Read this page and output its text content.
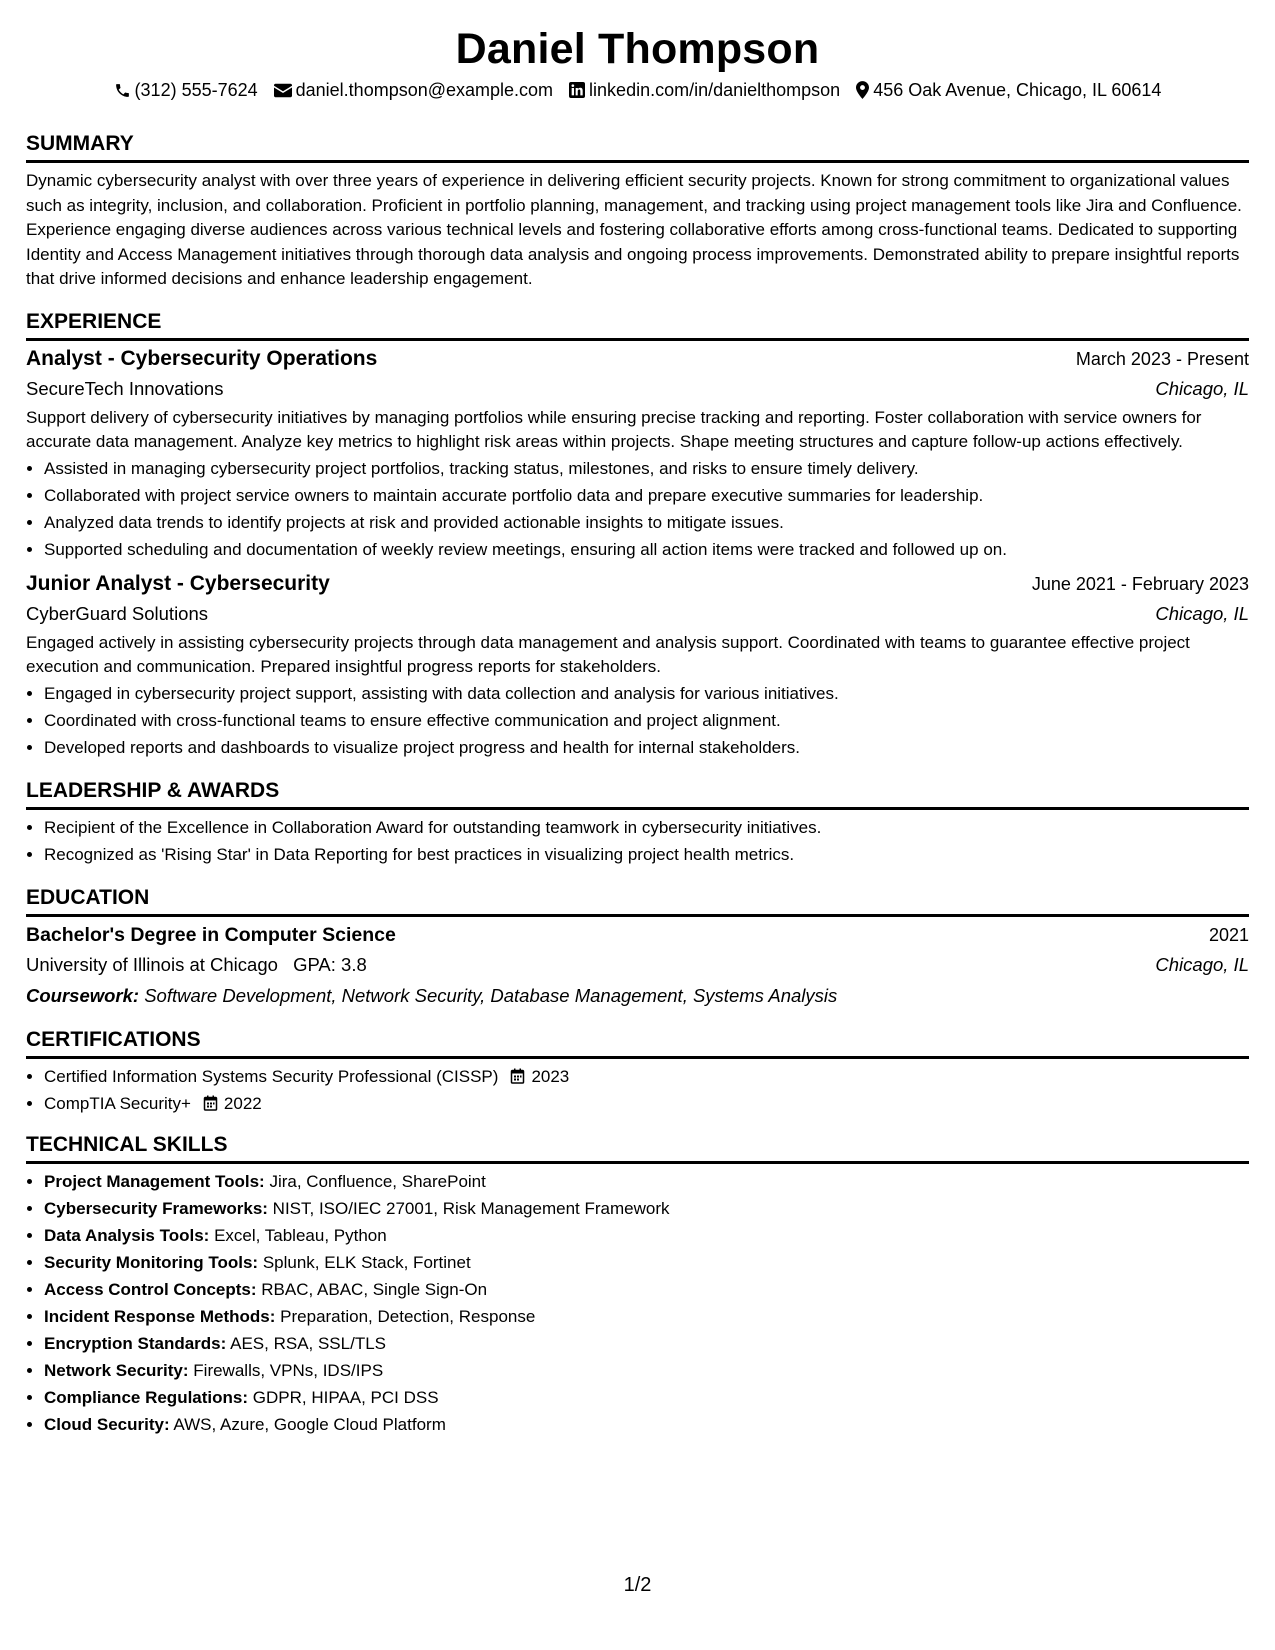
Daniel Thompson
(312) 555-7624 daniel.thompson@example.com linkedin.com/in/danielthompson 456 Oak Avenue, Chicago, IL 60614
SUMMARY

Dynamic cybersecurity analyst with over three years of experience in delivering efficient security projects. Known for strong commitment to organizational values such as integrity, inclusion, and collaboration. Proficient in portfolio planning, management, and tracking using project management tools like Jira and Confluence. Experience engaging diverse audiences across various technical levels and fostering collaborative efforts among cross-functional teams. Dedicated to supporting Identity and Access Management initiatives through thorough data analysis and ongoing process improvements. Demonstrated ability to prepare insightful reports that drive informed decisions and enhance leadership engagement.

EXPERIENCE
Analyst - Cybersecurity Operations	March 2023 - Present
SecureTech Innovations	Chicago, IL

Support delivery of cybersecurity initiatives by managing portfolios while ensuring precise tracking and reporting. Foster collaboration with service owners for accurate data management. Analyze key metrics to highlight risk areas within projects. Shape meeting structures and capture follow-up actions effectively.

• Assisted in managing cybersecurity project portfolios, tracking status, milestones, and risks to ensure timely delivery.
• Collaborated with project service owners to maintain accurate portfolio data and prepare executive summaries for leadership.
• Analyzed data trends to identify projects at risk and provided actionable insights to mitigate issues.
• Supported scheduling and documentation of weekly review meetings, ensuring all action items were tracked and followed up on.
Junior Analyst - Cybersecurity	June 2021 - February 2023
CyberGuard Solutions	Chicago, IL

Engaged actively in assisting cybersecurity projects through data management and analysis support. Coordinated with teams to guarantee effective project execution and communication. Prepared insightful progress reports for stakeholders.

• Engaged in cybersecurity project support, assisting with data collection and analysis for various initiatives.
• Coordinated with cross-functional teams to ensure effective communication and project alignment.
• Developed reports and dashboards to visualize project progress and health for internal stakeholders.
LEADERSHIP & AWARDS
• Recipient of the Excellence in Collaboration Award for outstanding teamwork in cybersecurity initiatives.
• Recognized as 'Rising Star' in Data Reporting for best practices in visualizing project health metrics.
EDUCATION
Bachelor's Degree in Computer Science	2021
University of Illinois at Chicago GPA: 3.8	Chicago, IL
Coursework: Software Development, Network Security, Database Management, Systems Analysis
CERTIFICATIONS
• Certified Information Systems Security Professional (CISSP) 2023
• CompTIA Security+ 2022
TECHNICAL SKILLS
• Project Management Tools: Jira, Confluence, SharePoint
• Cybersecurity Frameworks: NIST, ISO/IEC 27001, Risk Management Framework
• Data Analysis Tools: Excel, Tableau, Python
• Security Monitoring Tools: Splunk, ELK Stack, Fortinet
• Access Control Concepts: RBAC, ABAC, Single Sign-On
• Incident Response Methods: Preparation, Detection, Response
• Encryption Standards: AES, RSA, SSL/TLS
• Network Security: Firewalls, VPNs, IDS/IPS
• Compliance Regulations: GDPR, HIPAA, PCI DSS
• Cloud Security: AWS, Azure, Google Cloud Platform
1/2
